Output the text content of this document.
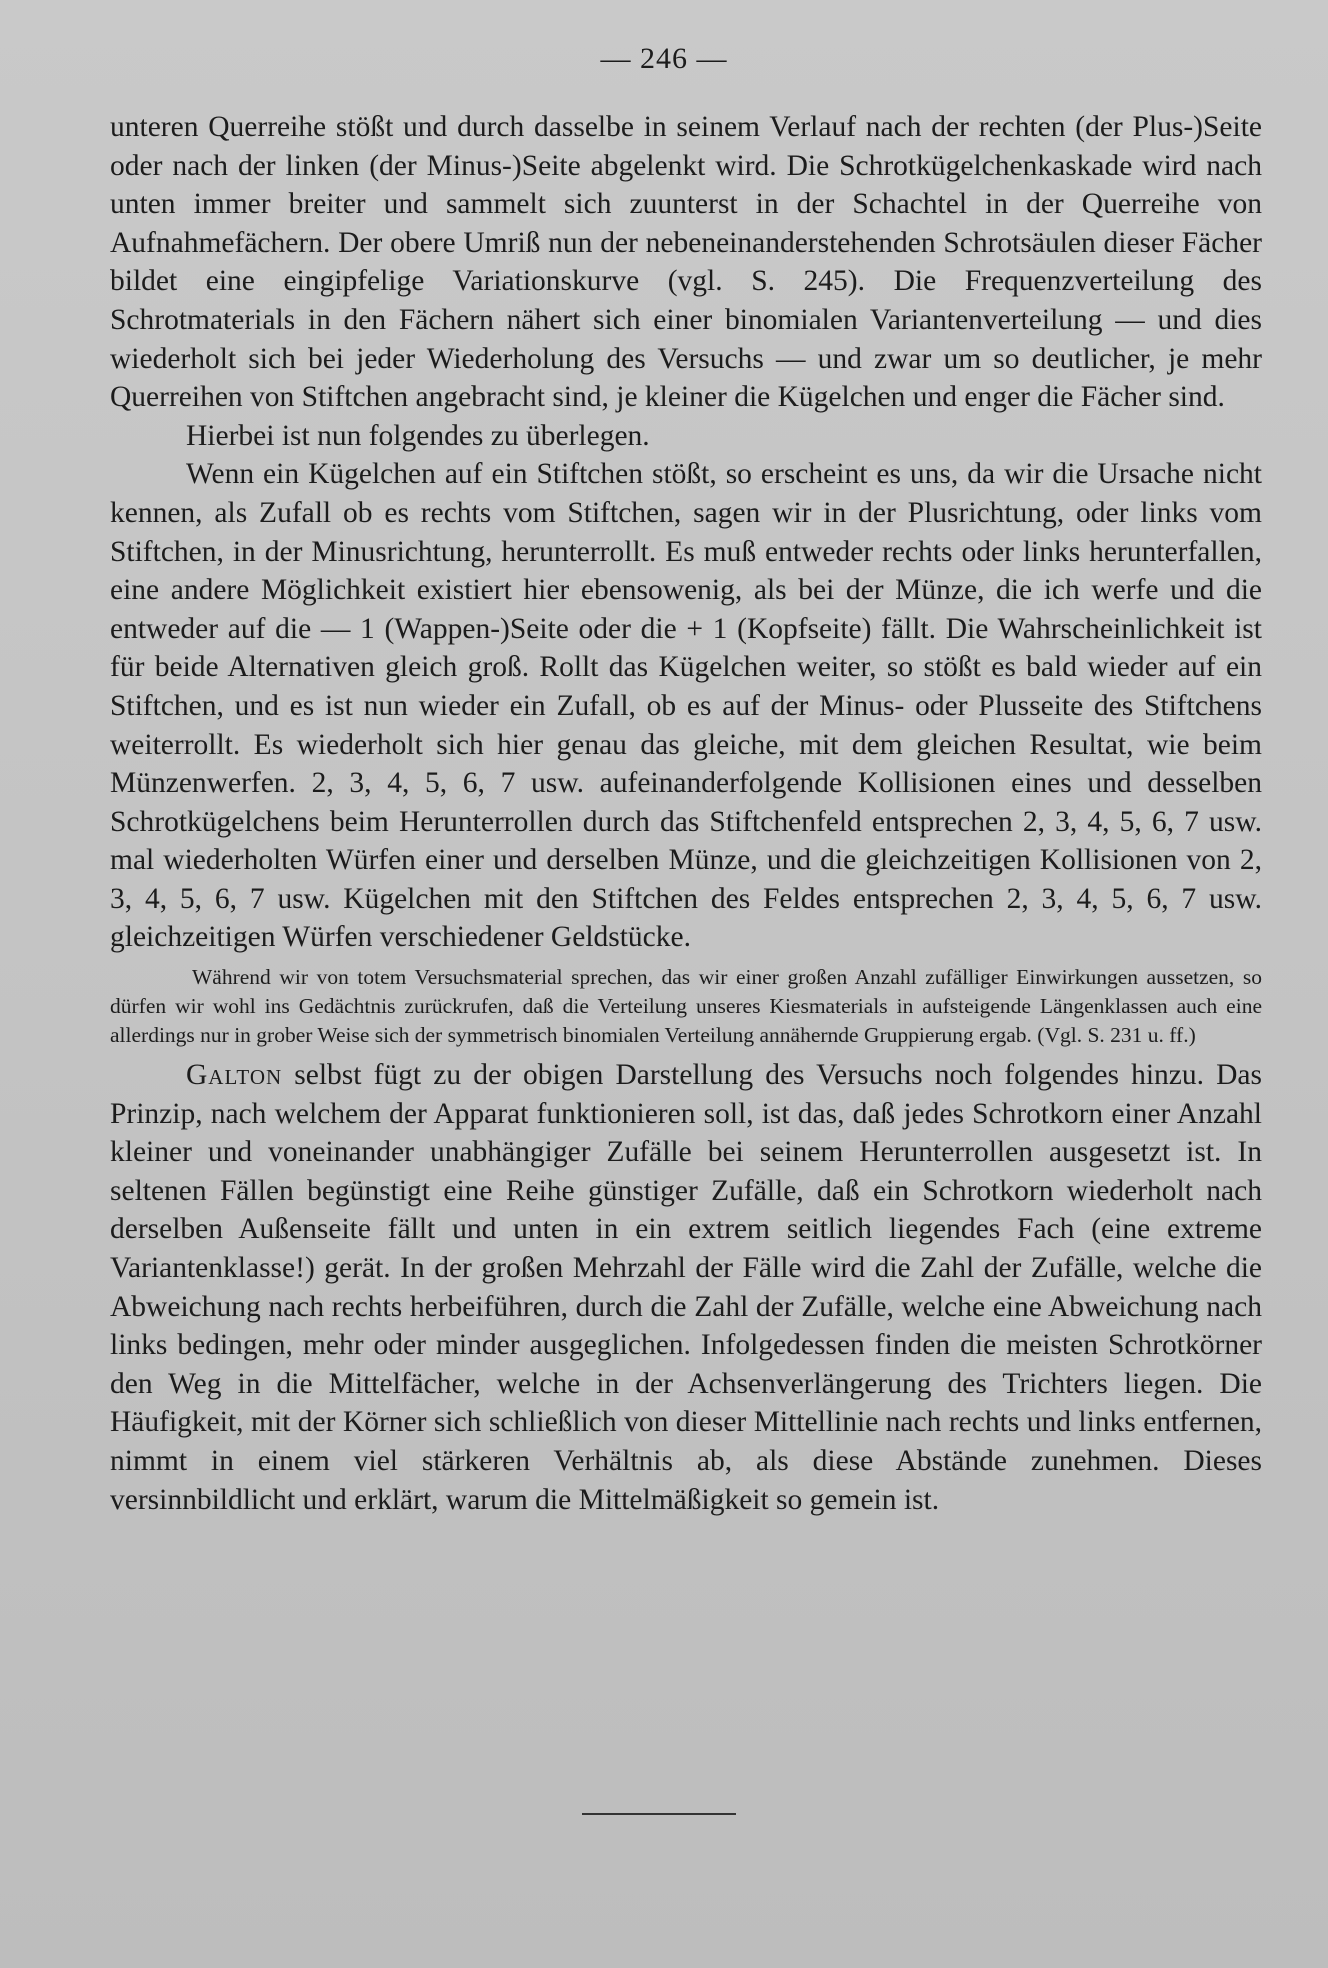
— 246 —

unteren Querreihe stößt und durch dasselbe in seinem Verlauf nach der rechten (der Plus-)Seite oder nach der linken (der Minus-)Seite abgelenkt wird. Die Schrotkügelchenkaskade wird nach unten immer breiter und sammelt sich zuunterst in der Schachtel in der Querreihe von Aufnahmefächern. Der obere Umriß nun der nebeneinanderstehenden Schrotsäulen dieser Fächer bildet eine eingipfelige Variationskurve (vgl. S. 245). Die Frequenzverteilung des Schrotmaterials in den Fächern nähert sich einer binomialen Variantenverteilung — und dies wiederholt sich bei jeder Wiederholung des Versuchs — und zwar um so deutlicher, je mehr Querreihen von Stiftchen angebracht sind, je kleiner die Kügelchen und enger die Fächer sind.

Hierbei ist nun folgendes zu überlegen.

Wenn ein Kügelchen auf ein Stiftchen stößt, so erscheint es uns, da wir die Ursache nicht kennen, als Zufall ob es rechts vom Stiftchen, sagen wir in der Plusrichtung, oder links vom Stiftchen, in der Minusrichtung, herunterrollt. Es muß entweder rechts oder links herunterfallen, eine andere Möglichkeit existiert hier ebensowenig, als bei der Münze, die ich werfe und die entweder auf die — 1 (Wappen-)Seite oder die + 1 (Kopfseite) fällt. Die Wahrscheinlichkeit ist für beide Alternativen gleich groß. Rollt das Kügelchen weiter, so stößt es bald wieder auf ein Stiftchen, und es ist nun wieder ein Zufall, ob es auf der Minus- oder Plusseite des Stiftchens weiterrollt. Es wiederholt sich hier genau das gleiche, mit dem gleichen Resultat, wie beim Münzenwerfen. 2, 3, 4, 5, 6, 7 usw. aufeinanderfolgende Kollisionen eines und desselben Schrotkügelchens beim Herunterrollen durch das Stiftchenfeld entsprechen 2, 3, 4, 5, 6, 7 usw. mal wiederholten Würfen einer und derselben Münze, und die gleichzeitigen Kollisionen von 2, 3, 4, 5, 6, 7 usw. Kügelchen mit den Stiftchen des Feldes entsprechen 2, 3, 4, 5, 6, 7 usw. gleichzeitigen Würfen verschiedener Geldstücke.

Während wir von totem Versuchsmaterial sprechen, das wir einer großen Anzahl zufälliger Einwirkungen aussetzen, so dürfen wir wohl ins Gedächtnis zurückrufen, daß die Verteilung unseres Kiesmaterials in aufsteigende Längenklassen auch eine allerdings nur in grober Weise sich der symmetrisch binomialen Verteilung annähernde Gruppierung ergab. (Vgl. S. 231 u. ff.)

Galton selbst fügt zu der obigen Darstellung des Versuchs noch folgendes hinzu. Das Prinzip, nach welchem der Apparat funktionieren soll, ist das, daß jedes Schrotkorn einer Anzahl kleiner und voneinander unabhängiger Zufälle bei seinem Herunterrollen ausgesetzt ist. In seltenen Fällen begünstigt eine Reihe günstiger Zufälle, daß ein Schrotkorn wiederholt nach derselben Außenseite fällt und unten in ein extrem seitlich liegendes Fach (eine extreme Variantenklasse!) gerät. In der großen Mehrzahl der Fälle wird die Zahl der Zufälle, welche die Abweichung nach rechts herbeiführen, durch die Zahl der Zufälle, welche eine Abweichung nach links bedingen, mehr oder minder ausgeglichen. Infolgedessen finden die meisten Schrotkörner den Weg in die Mittelfächer, welche in der Achsenverlängerung des Trichters liegen. Die Häufigkeit, mit der Körner sich schließlich von dieser Mittellinie nach rechts und links entfernen, nimmt in einem viel stärkeren Verhältnis ab, als diese Abstände zunehmen. Dieses versinnbildlicht und erklärt, warum die Mittelmäßigkeit so gemein ist.
